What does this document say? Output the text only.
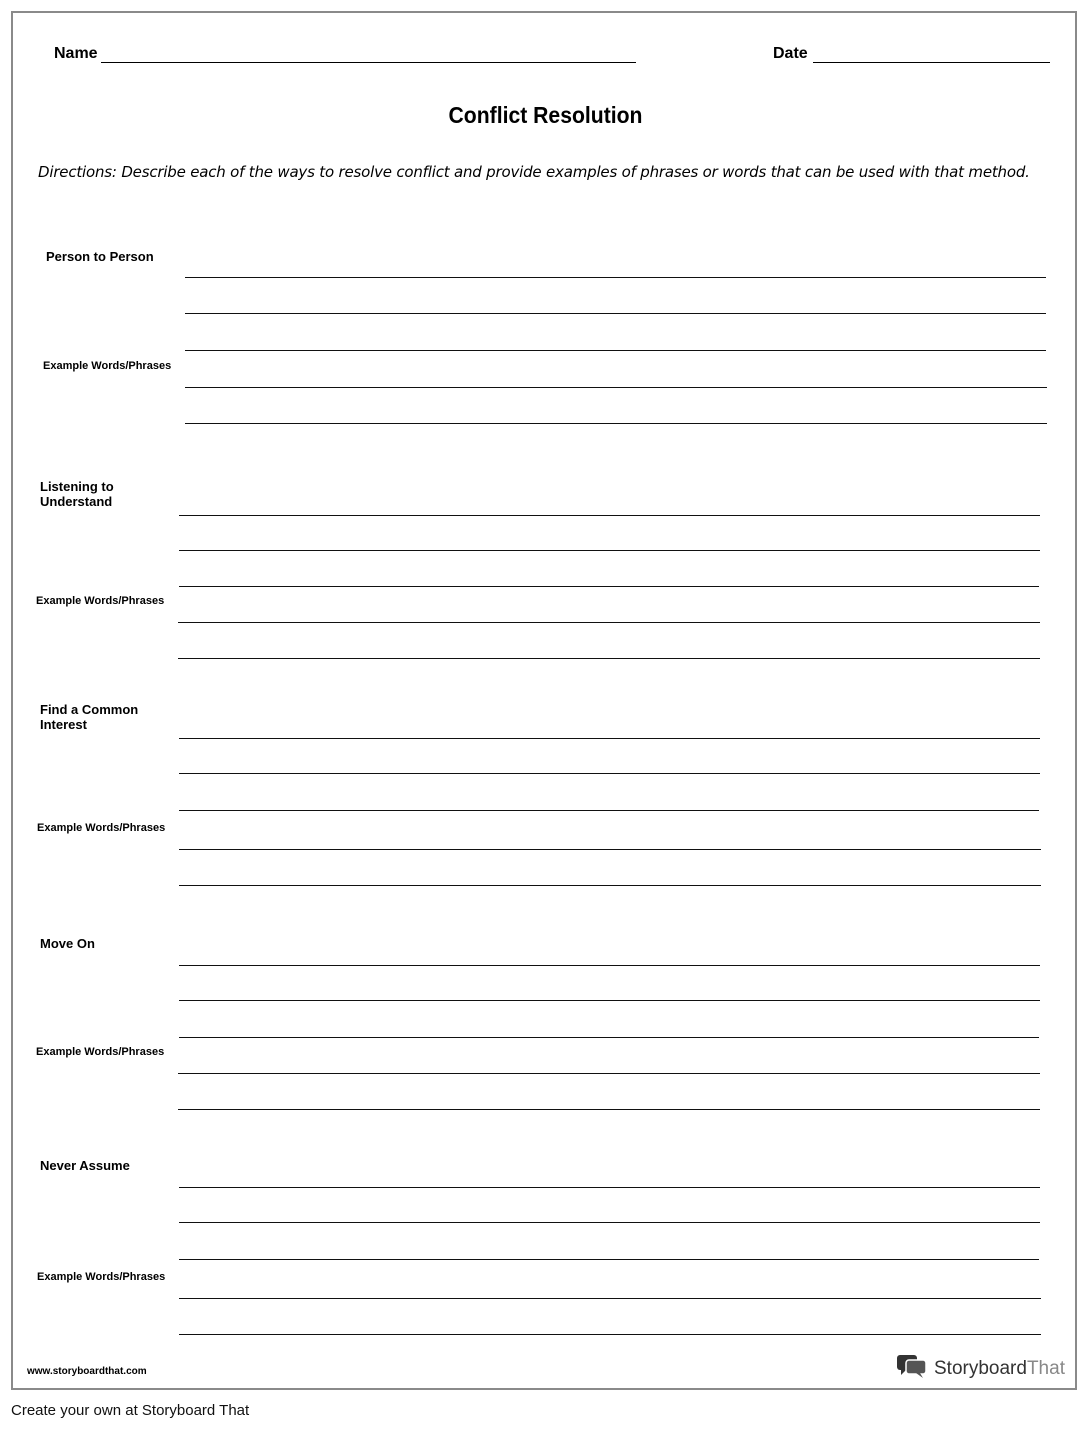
Name	Date
Conflict Resolution
Directions: Describe each of the ways to resolve conflict and provide examples of phrases or words that can be used with that method.
Person to Person
Example Words/Phrases
Listening to Understand
Example Words/Phrases
Find a Common Interest
Example Words/Phrases
Move On
Example Words/Phrases
Never Assume
Example Words/Phrases
www.storyboardthat.com	StoryboardThat
Create your own at Storyboard That
